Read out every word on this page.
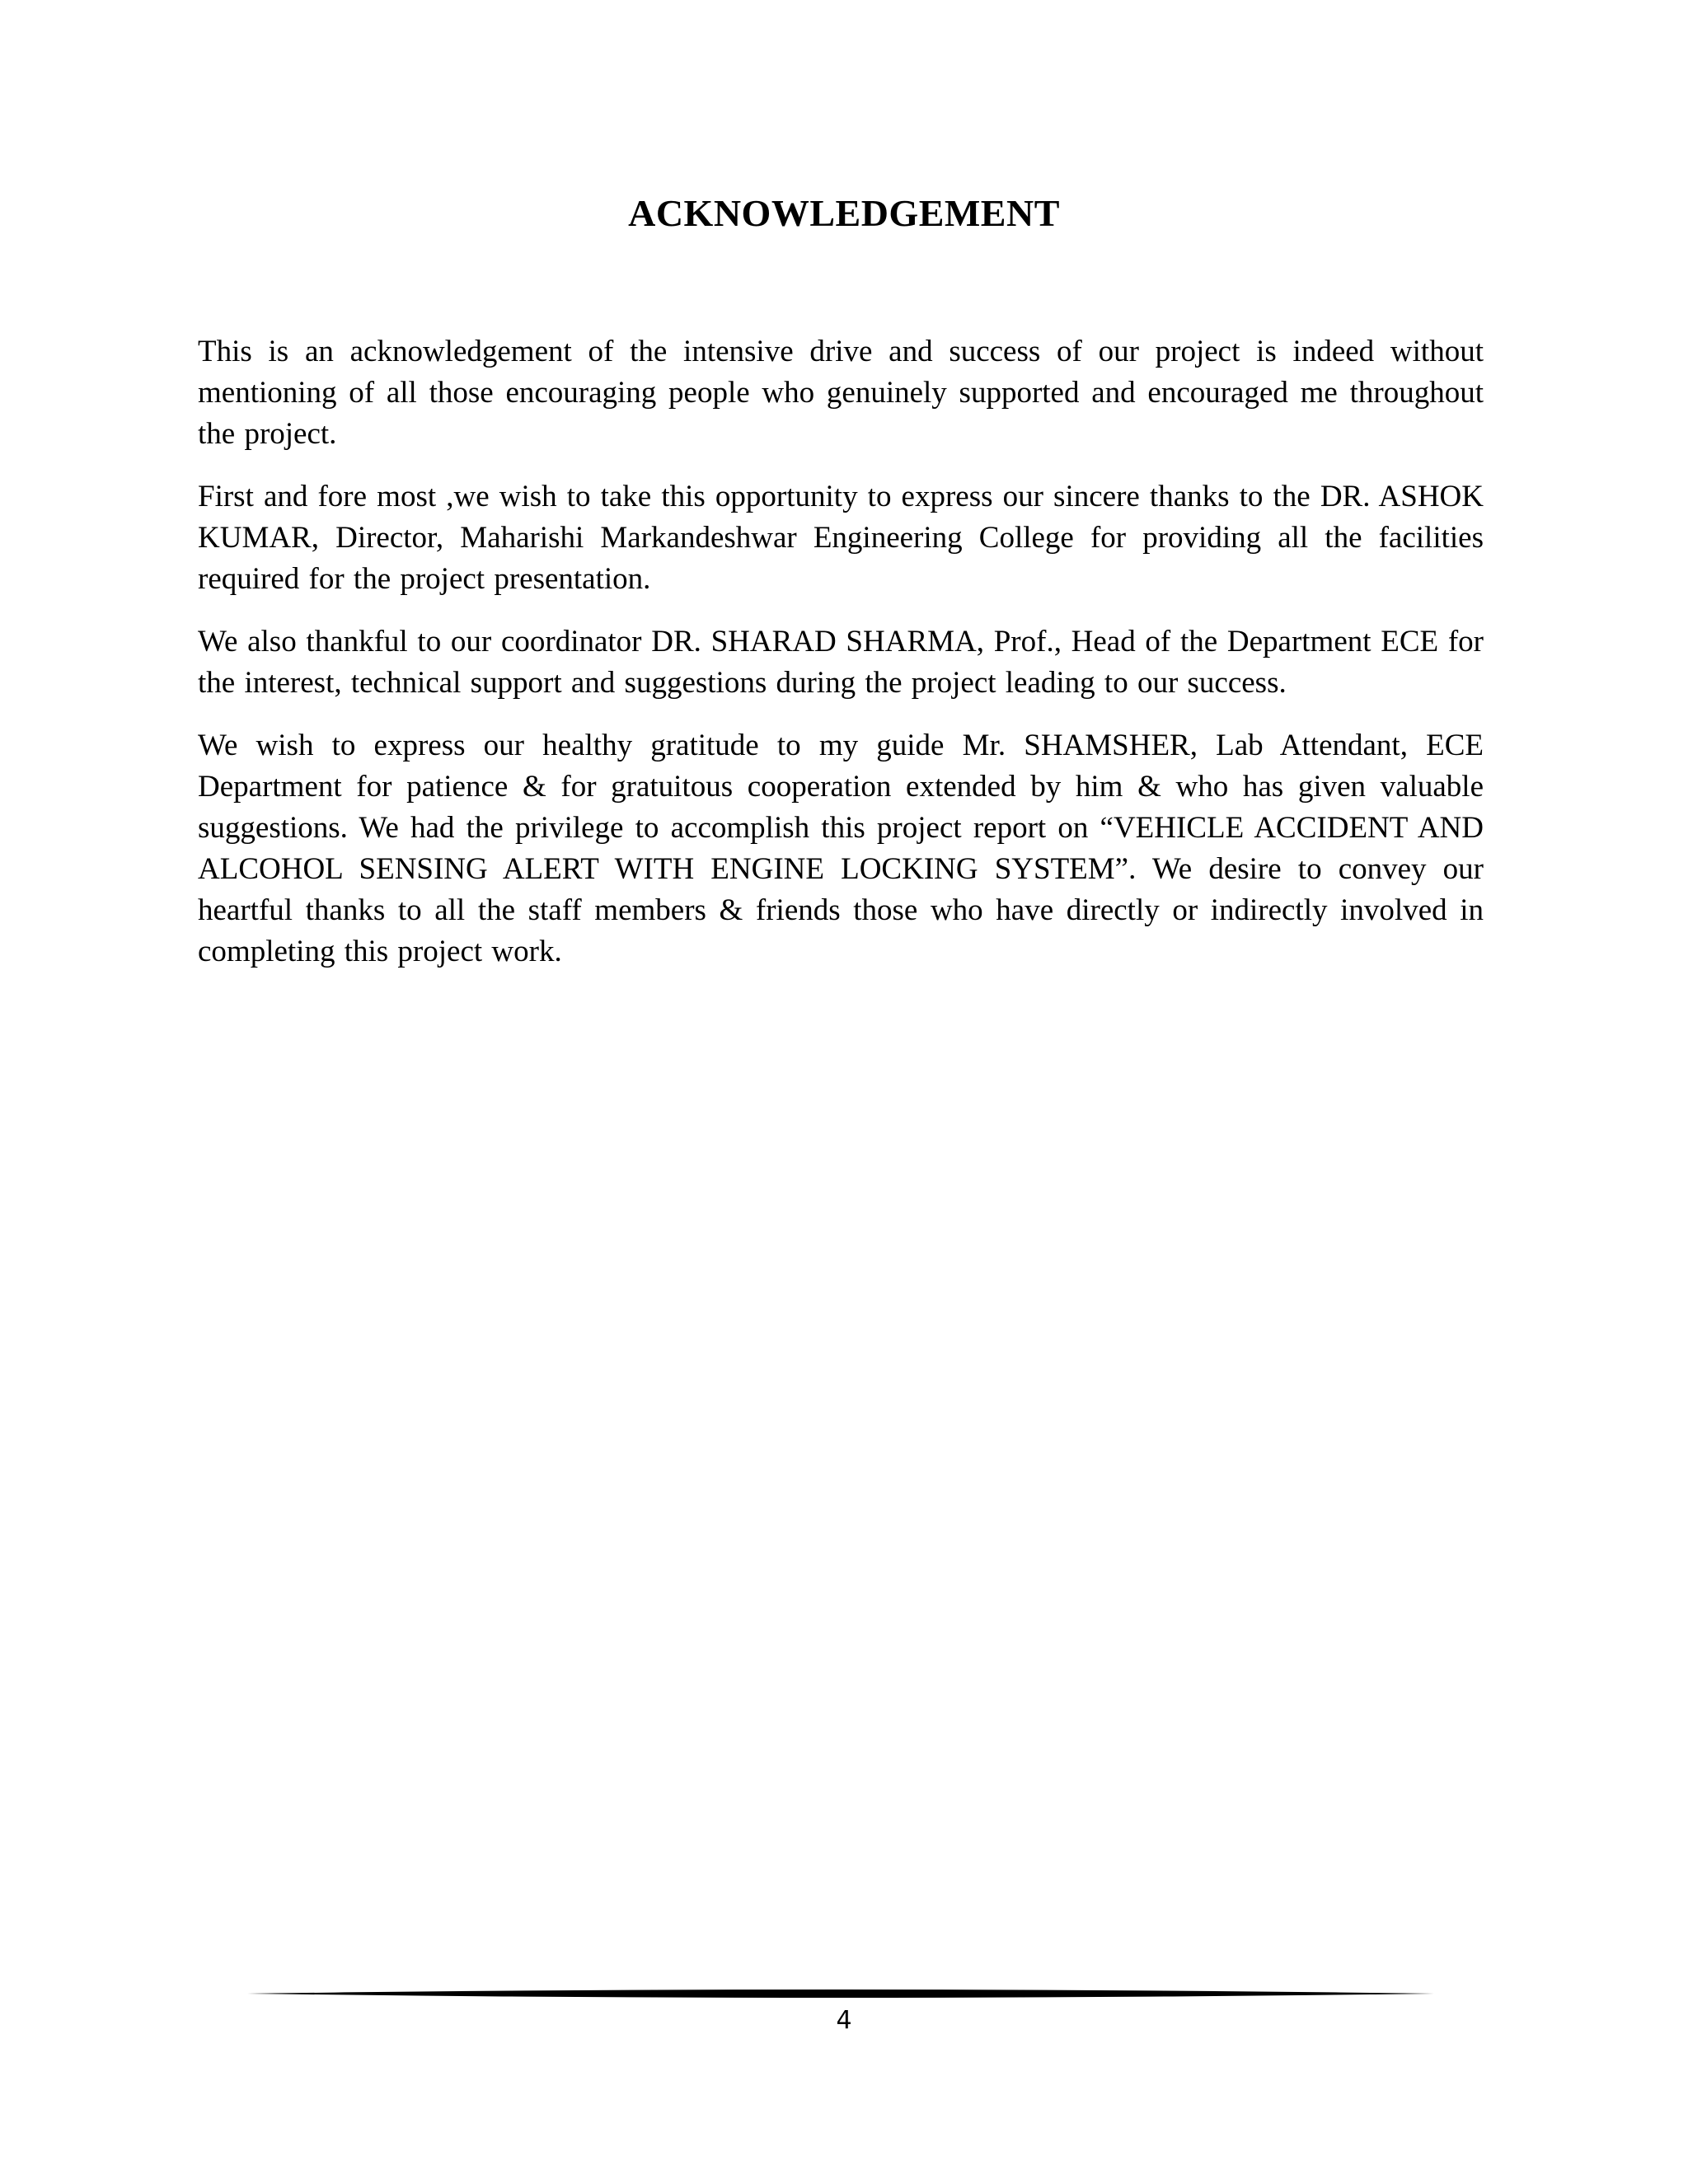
ACKNOWLEDGEMENT

This is an acknowledgement of the intensive drive and success of our project is indeed without mentioning of all those encouraging people who genuinely supported and encouraged me throughout the project.

First and fore most ,we wish to take this opportunity to express our sincere thanks to the DR. ASHOK KUMAR, Director, Maharishi Markandeshwar Engineering College for providing all the facilities required for the project presentation.

We also thankful to our coordinator DR. SHARAD SHARMA, Prof., Head of the Department ECE for the interest, technical support and suggestions during the project leading to our success.

We wish to express our healthy gratitude to my guide Mr. SHAMSHER, Lab Attendant, ECE Department for patience & for gratuitous cooperation extended by him & who has given valuable suggestions. We had the privilege to accomplish this project report on “VEHICLE ACCIDENT AND ALCOHOL SENSING ALERT WITH ENGINE LOCKING SYSTEM”. We desire to convey our heartful thanks to all the staff members & friends those who have directly or indirectly involved in completing this project work.

4
